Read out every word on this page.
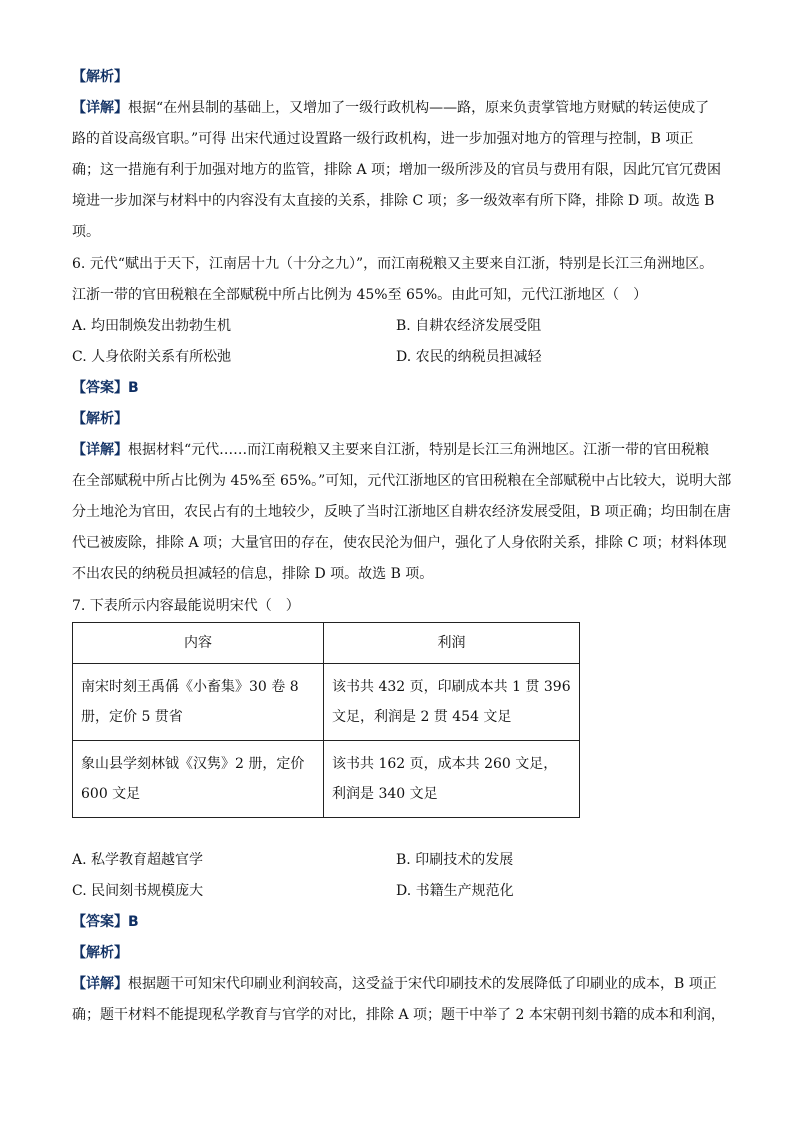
【解析】
【详解】根据“在州县制的基础上，又增加了一级行政机构——路，原来负责掌管地方财赋的转运使成了
路的首设高级官职。”可得 出宋代通过设置路一级行政机构，进一步加强对地方的管理与控制，B 项正
确；这一措施有利于加强对地方的监管，排除 A 项；增加一级所涉及的官员与费用有限，因此冗官冗费困
境进一步加深与材料中的内容没有太直接的关系，排除 C 项；多一级效率有所下降，排除 D 项。故选 B
项。
6. 元代“赋出于天下，江南居十九（十分之九）”，而江南税粮又主要来自江浙，特别是长江三角洲地区。
江浙一带的官田税粮在全部赋税中所占比例为 45%至 65%。由此可知，元代江浙地区（　）
A. 均田制焕发出勃勃生机	B. 自耕农经济发展受阻
C. 人身依附关系有所松弛	D. 农民的纳税员担减轻
【答案】B
【解析】
【详解】根据材料“元代……而江南税粮又主要来自江浙，特别是长江三角洲地区。江浙一带的官田税粮
在全部赋税中所占比例为 45%至 65%。”可知，元代江浙地区的官田税粮在全部赋税中占比较大，说明大部
分土地沦为官田，农民占有的土地较少，反映了当时江浙地区自耕农经济发展受阻，B 项正确；均田制在唐
代已被废除，排除 A 项；大量官田的存在，使农民沦为佃户，强化了人身依附关系，排除 C 项；材料体现
不出农民的纳税员担减轻的信息，排除 D 项。故选 B 项。
7. 下表所示内容最能说明宋代（　）
内容	利润
南宋时刻王禹偁《小畜集》30 卷 8 册，定价 5 贯省	该书共 432 页，印刷成本共 1 贯 396 文足，利润是 2 贯 454 文足
象山县学刻林钺《汉隽》2 册，定价 600 文足	该书共 162 页，成本共 260 文足，利润是 340 文足
A. 私学教育超越官学	B. 印刷技术的发展
C. 民间刻书规模庞大	D. 书籍生产规范化
【答案】B
【解析】
【详解】根据题干可知宋代印刷业利润较高，这受益于宋代印刷技术的发展降低了印刷业的成本，B 项正
确；题干材料不能提现私学教育与官学的对比，排除 A 项；题干中举了 2 本宋朝刊刻书籍的成本和利润，
